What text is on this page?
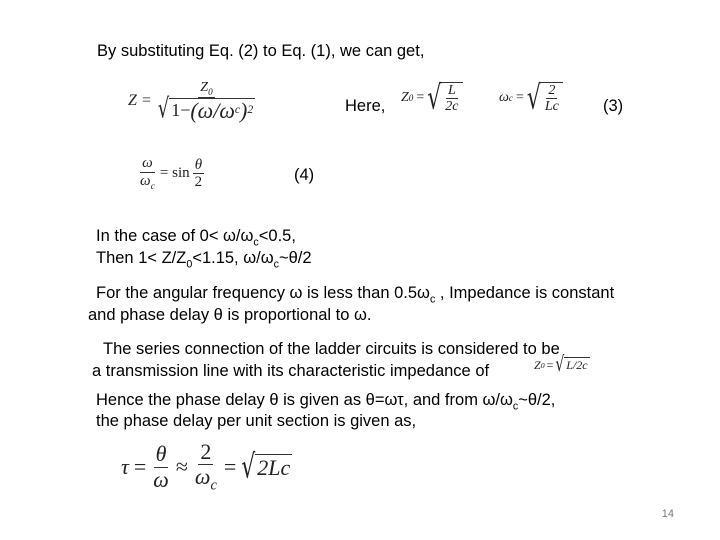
By substituting Eq. (2) to Eq. (1), we can get,
$Z = \frac{Z_0}{\text{√ 1− (ω/ω c ) 2}}$	Here, Z 0 = √ $\frac{L}{2c}$	ω c = √ $\frac{2}{Lc}$	(3)
$\frac{\omega}{\omega_c} = \sin \frac{\theta}{2}$	(4)
In the case of $0< \omega/\omega_c<0.5$,
Then $1< Z/Z_0<1.15$, $\omega/\omega_c\sim\theta/2$
For the angular frequency ω is less than $0.5\omega_c$ , Impedance is constant
and phase delay θ is proportional to ω.
The series connection of the ladder circuits is considered to be
a transmission line with its characteristic impedance of	Z 0 = √ L/2c
Hence the phase delay θ is given as θ=ωτ, and from $\omega/\omega_c\sim\theta/2$,
the phase delay per unit section is given as,
$\tau = \frac{\theta}{\omega} \approx \frac{2}{\omega_c}$ = √ 2Lc
14
